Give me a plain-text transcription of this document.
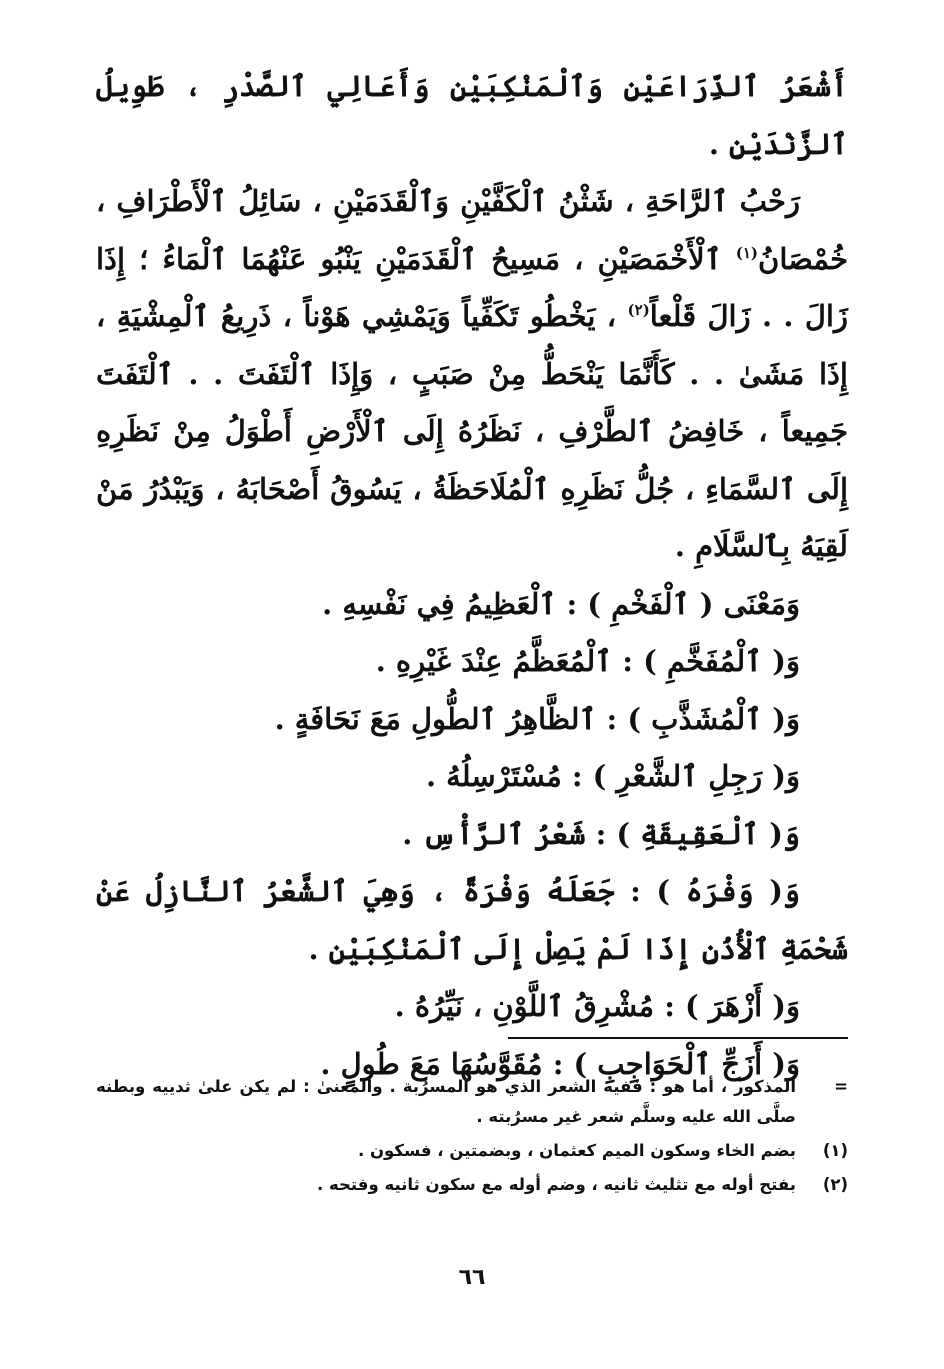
أَشْعَرُ ٱلذِّرَاعَيْنِ وَٱلْمَنْكِبَيْنِ وَأَعَالِي ٱلصَّدْرِ ، طَوِيلُ ٱلزَّنْدَيْنِ .

رَحْبُ ٱلرَّاحَةِ ، شَثْنُ ٱلْكَفَّيْنِ وَٱلْقَدَمَيْنِ ، سَائِلُ ٱلْأَطْرَافِ ، خُمْصَانُ$^{(١)}$ ٱلْأَخْمَصَيْنِ ، مَسِيحُ ٱلْقَدَمَيْنِ يَنْبُو عَنْهُمَا ٱلْمَاءُ ؛ إِذَا زَالَ . . زَالَ قَلْعاً$^{(٢)}$ ، يَخْطُو تَكَفِّياً وَيَمْشِي هَوْناً ، ذَرِيعُ ٱلْمِشْيَةِ ، إِذَا مَشَىٰ . . كَأَنَّمَا يَنْحَطُّ مِنْ صَبَبٍ ، وَإِذَا ٱلْتَفَتَ . . ٱلْتَفَتَ جَمِيعاً ، خَافِضُ ٱلطَّرْفِ ، نَظَرُهُ إِلَى ٱلْأَرْضِ أَطْوَلُ مِنْ نَظَرِهِ إِلَى ٱلسَّمَاءِ ، جُلُّ نَظَرِهِ ٱلْمُلَاحَظَةُ ، يَسُوقُ أَصْحَابَهُ ، وَيَبْدُرُ مَنْ لَقِيَهُ بِٱلسَّلَامِ .

وَمَعْنَى ( ٱلْفَخْمِ ) : ٱلْعَظِيمُ فِي نَفْسِهِ .

وَ( ٱلْمُفَخَّمِ ) : ٱلْمُعَظَّمُ عِنْدَ غَيْرِهِ .

وَ( ٱلْمُشَذَّبِ ) : ٱلظَّاهِرُ ٱلطُّولِ مَعَ نَحَافَةٍ .

وَ( رَجِلِ ٱلشَّعْرِ ) : مُسْتَرْسِلُهُ .

وَ( ٱلْعَقِيقَةِ ) : شَعْرُ ٱلرَّأْسِ .

وَ( وَفْرَهُ ) : جَعَلَهُ وَفْرَةً ، وَهِيَ ٱلشَّعْرُ ٱلنَّازِلُ عَنْ شَحْمَةِ ٱلْأُذُنِ إِذَا لَمْ يَصِلْ إِلَى ٱلْمَنْكِبَيْنِ .

وَ( أَزْهَرَ ) : مُشْرِقُ ٱللَّوْنِ ، نَيِّرُهُ .

وَ( أَزَجِّ ٱلْحَوَاجِبِ ) : مُقَوَّسُهَا مَعَ طُولٍ .

=
المذكور ، أما هو : ففيه الشعر الذي هو المسرُبة . والمعنىٰ : لم يكن علىٰ ثدييه وبطنه صلَّى الله عليه وسلَّم شعر غير مسرُبته .
(١)
بضم الخاء وسكون الميم كعثمان ، وبضمتين ، فسكون .
(٢)
بفتح أوله مع تثليث ثانيه ، وضم أوله مع سكون ثانيه وفتحه .
٦٦
